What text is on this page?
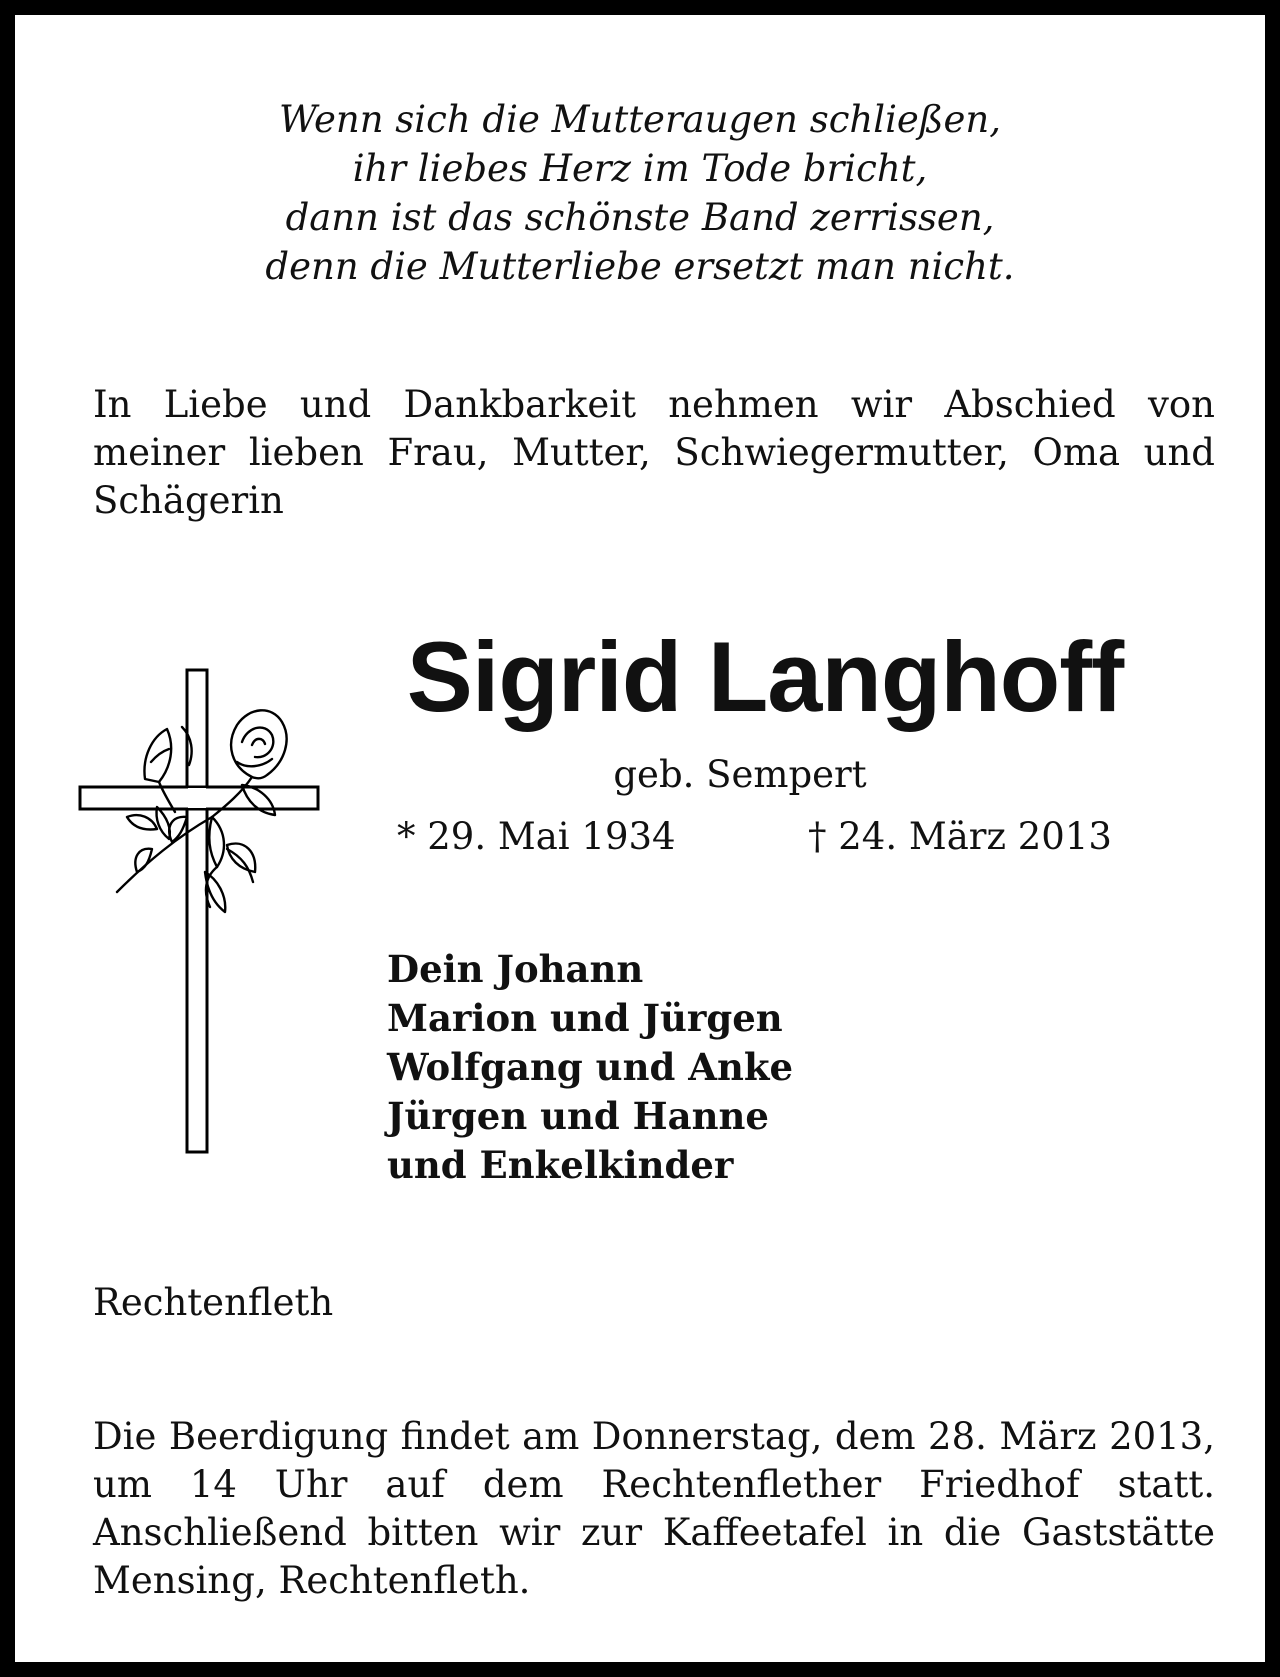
Wenn sich die Mutteraugen schließen,
ihr liebes Herz im Tode bricht,
dann ist das schönste Band zerrissen,
denn die Mutterliebe ersetzt man nicht.
In Liebe und Dankbarkeit nehmen wir Abschied von meiner lieben Frau, Mutter, Schwiegermutter, Oma und Schägerin
Sigrid Langhoff
geb. Sempert
* 29. Mai 1934	† 24. März 2013
Dein Johann
Marion und Jürgen
Wolfgang und Anke
Jürgen und Hanne
und Enkelkinder
Rechtenfleth
Die Beerdigung findet am Donnerstag, dem 28. März 2013, um 14 Uhr auf dem Rechtenflether Friedhof statt. Anschließend bitten wir zur Kaffeetafel in die Gaststätte Mensing, Rechtenfleth.
